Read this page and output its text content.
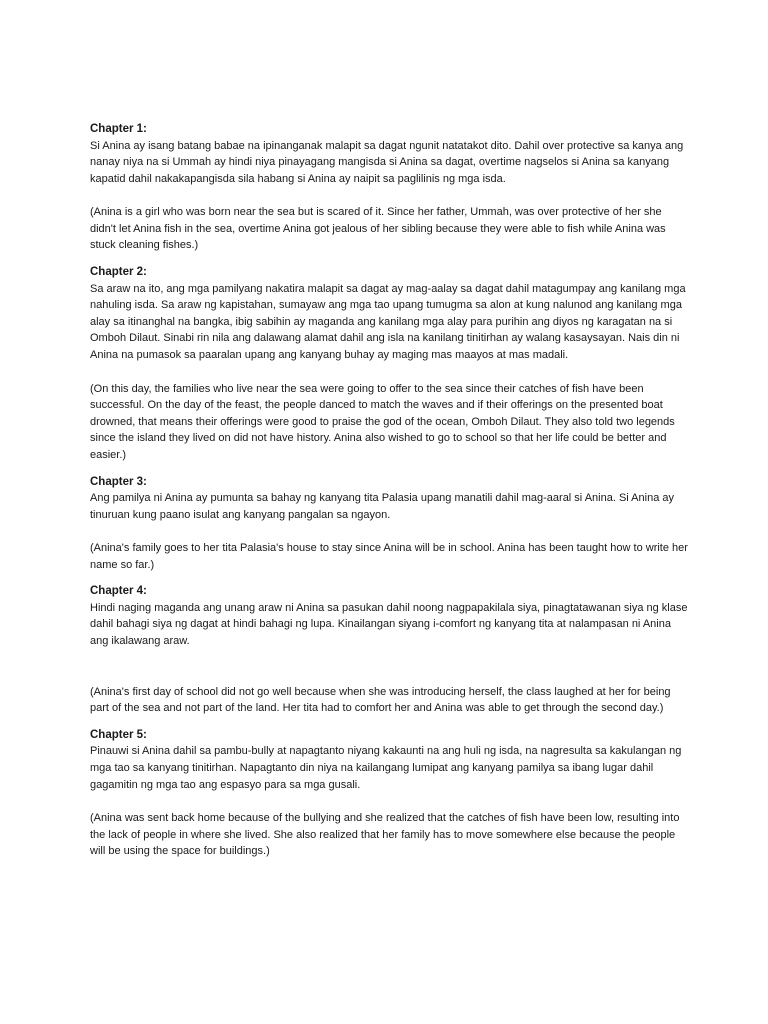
Chapter 1:

Si Anina ay isang batang babae na ipinanganak malapit sa dagat ngunit natatakot dito. Dahil over protective sa kanya ang nanay niya na si Ummah ay hindi niya pinayagang mangisda si Anina sa dagat, overtime nagselos si Anina sa kanyang kapatid dahil nakakapangisda sila habang si Anina ay naipit sa paglilinis ng mga isda.

(Anina is a girl who was born near the sea but is scared of it. Since her father, Ummah, was over protective of her she didn't let Anina fish in the sea, overtime Anina got jealous of her sibling because they were able to fish while Anina was stuck cleaning fishes.)

Chapter 2:

Sa araw na ito, ang mga pamilyang nakatira malapit sa dagat ay mag-aalay sa dagat dahil matagumpay ang kanilang mga nahuling isda. Sa araw ng kapistahan, sumayaw ang mga tao upang tumugma sa alon at kung nalunod ang kanilang mga alay sa itinanghal na bangka, ibig sabihin ay maganda ang kanilang mga alay para purihin ang diyos ng karagatan na si Omboh Dilaut. Sinabi rin nila ang dalawang alamat dahil ang isla na kanilang tinitirhan ay walang kasaysayan. Nais din ni Anina na pumasok sa paaralan upang ang kanyang buhay ay maging mas maayos at mas madali.

(On this day, the families who live near the sea were going to offer to the sea since their catches of fish have been successful. On the day of the feast, the people danced to match the waves and if their offerings on the presented boat drowned, that means their offerings were good to praise the god of the ocean, Omboh Dilaut. They also told two legends since the island they lived on did not have history. Anina also wished to go to school so that her life could be better and easier.)

Chapter 3:

Ang pamilya ni Anina ay pumunta sa bahay ng kanyang tita Palasia upang manatili dahil mag-aaral si Anina. Si Anina ay tinuruan kung paano isulat ang kanyang pangalan sa ngayon.

(Anina's family goes to her tita Palasia's house to stay since Anina will be in school. Anina has been taught how to write her name so far.)

Chapter 4:

Hindi naging maganda ang unang araw ni Anina sa pasukan dahil noong nagpapakilala siya, pinagtatawanan siya ng klase dahil bahagi siya ng dagat at hindi bahagi ng lupa. Kinailangan siyang i-comfort ng kanyang tita at nalampasan ni Anina ang ikalawang araw.

(Anina's first day of school did not go well because when she was introducing herself, the class laughed at her for being part of the sea and not part of the land. Her tita had to comfort her and Anina was able to get through the second day.)

Chapter 5:

Pinauwi si Anina dahil sa pambu-bully at napagtanto niyang kakaunti na ang huli ng isda, na nagresulta sa kakulangan ng mga tao sa kanyang tinitirhan. Napagtanto din niya na kailangang lumipat ang kanyang pamilya sa ibang lugar dahil gagamitin ng mga tao ang espasyo para sa mga gusali.

(Anina was sent back home because of the bullying and she realized that the catches of fish have been low, resulting into the lack of people in where she lived. She also realized that her family has to move somewhere else because the people will be using the space for buildings.)
